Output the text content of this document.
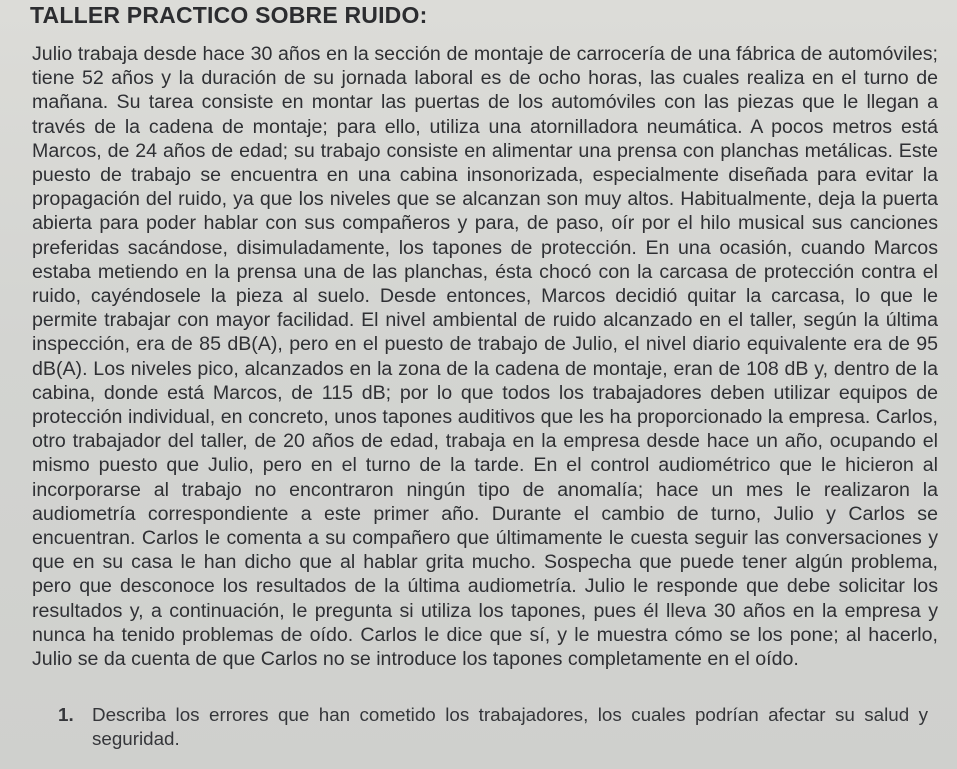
TALLER PRACTICO SOBRE RUIDO:

Julio trabaja desde hace 30 años en la sección de montaje de carrocería de una fábrica de automóviles; tiene 52 años y la duración de su jornada laboral es de ocho horas, las cuales realiza en el turno de mañana. Su tarea consiste en montar las puertas de los automóviles con las piezas que le llegan a través de la cadena de montaje; para ello, utiliza una atornilladora neumática. A pocos metros está Marcos, de 24 años de edad; su trabajo consiste en alimentar una prensa con planchas metálicas. Este puesto de trabajo se encuentra en una cabina insonorizada, especialmente diseñada para evitar la propagación del ruido, ya que los niveles que se alcanzan son muy altos. Habitualmente, deja la puerta abierta para poder hablar con sus compañeros y para, de paso, oír por el hilo musical sus canciones preferidas sacándose, disimuladamente, los tapones de protección. En una ocasión, cuando Marcos estaba metiendo en la prensa una de las planchas, ésta chocó con la carcasa de protección contra el ruido, cayéndosele la pieza al suelo. Desde entonces, Marcos decidió quitar la carcasa, lo que le permite trabajar con mayor facilidad. El nivel ambiental de ruido alcanzado en el taller, según la última inspección, era de 85 dB(A), pero en el puesto de trabajo de Julio, el nivel diario equivalente era de 95 dB(A). Los niveles pico, alcanzados en la zona de la cadena de montaje, eran de 108 dB y, dentro de la cabina, donde está Marcos, de 115 dB; por lo que todos los trabajadores deben utilizar equipos de protección individual, en concreto, unos tapones auditivos que les ha proporcionado la empresa. Carlos, otro trabajador del taller, de 20 años de edad, trabaja en la empresa desde hace un año, ocupando el mismo puesto que Julio, pero en el turno de la tarde. En el control audiométrico que le hicieron al incorporarse al trabajo no encontraron ningún tipo de anomalía; hace un mes le realizaron la audiometría correspondiente a este primer año. Durante el cambio de turno, Julio y Carlos se encuentran. Carlos le comenta a su compañero que últimamente le cuesta seguir las conversaciones y que en su casa le han dicho que al hablar grita mucho. Sospecha que puede tener algún problema, pero que desconoce los resultados de la última audiometría. Julio le responde que debe solicitar los resultados y, a continuación, le pregunta si utiliza los tapones, pues él lleva 30 años en la empresa y nunca ha tenido problemas de oído. Carlos le dice que sí, y le muestra cómo se los pone; al hacerlo, Julio se da cuenta de que Carlos no se introduce los tapones completamente en el oído.

1. Describa los errores que han cometido los trabajadores, los cuales podrían afectar su salud y seguridad.
